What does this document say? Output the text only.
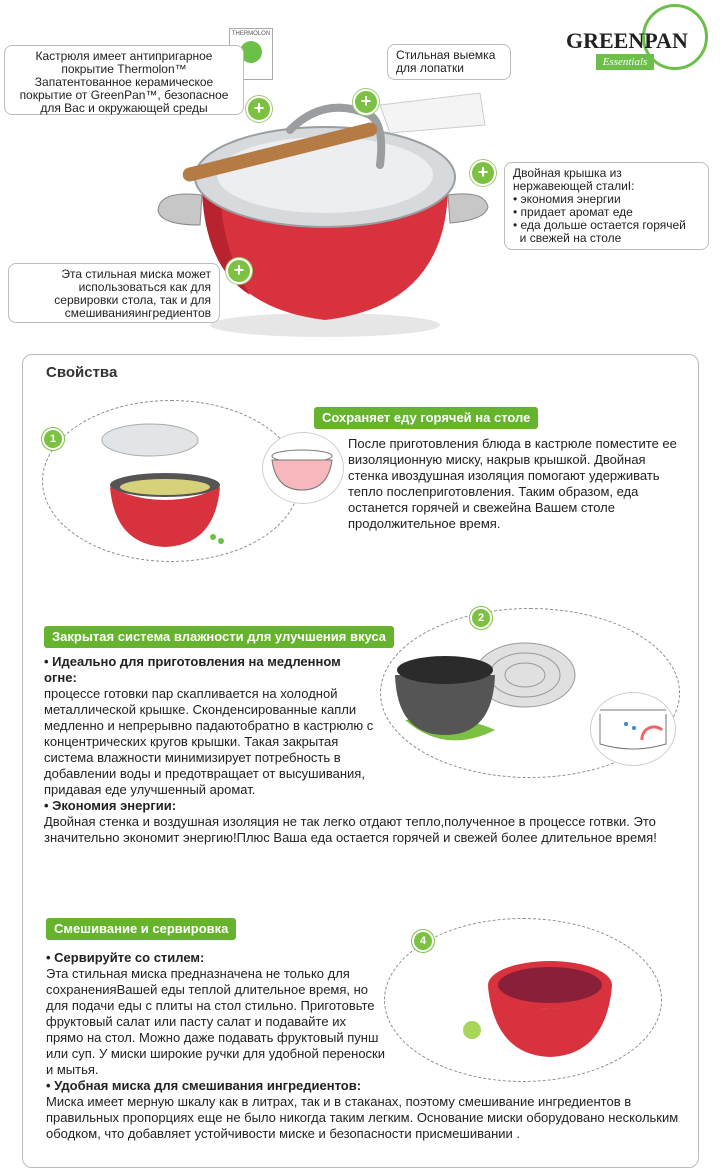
GREENPAN
Essentials
THERMOLON
Кастрюля имеет антипригарное покрытие Thermolon™ Запатентованное керамическое покрытие от GreenPan™, безопасное для Вас и окружающей среды
Стильная выемка для лопатки
Двойная крышка из нержавеющей сталиI:
• экономия энергии
• придает аромат еде
• еда дольше остается горячей
и свежей на столе
Эта стильная миска может использоваться как для сервировки стола, так и для смешиванияингредиентов
+	+
+
+
Свойства
1
Сохраняет еду горячей на столе
После приготовления блюда в кастрюле поместите ее визоляционную миску, накрыв крышкой. Двойная стенка ивоздушная изоляция помогают удерживать тепло послеприготовления. Таким образом, еда останется горячей и свежейна Вашем столе продолжительное время.
Закрытая система влажности для улучшения вкуса
2
• Идеально для приготовления на медленном огне:
процессе готовки пар скапливается на холодной металлической крышке. Сконденсированные капли медленно и непрерывно падаютобратно в кастрюлю с концентрических кругов крышки. Такая закрытая система влажности минимизирует потребность в добавлении воды и предотвращает от высушивания, придавая еде улучшенный аромат.
• Экономия энергии:
Двойная стенка и воздушная изоляция не так легко отдают тепло,полученное в процессе готвки. Это значительно экономит энергию!Плюс Ваша еда остается горячей и свежей более длительное время!
Смешивание и сервировка
4
• Сервируйте со стилем:
Эта стильная миска предназначена не только для сохраненияВашей еды теплой длительное время, но для подачи еды с плиты на стол стильно. Приготовьте фруктовый салат или пасту салат и подавайте их прямо на стол. Можно даже подавать фруктовый пунш или суп. У миски широкие ручки для удобной переноски и мытья.
• Удобная миска для смешивания ингредиентов:
Миска имеет мерную шкалу как в литрах, так и в стаканах, поэтому смешивание ингредиентов в правильных пропорциях еще не было никогда таким легким. Основание миски оборудовано нескольким ободком, что добавляет устойчивости миске и безопасности присмешивании .
